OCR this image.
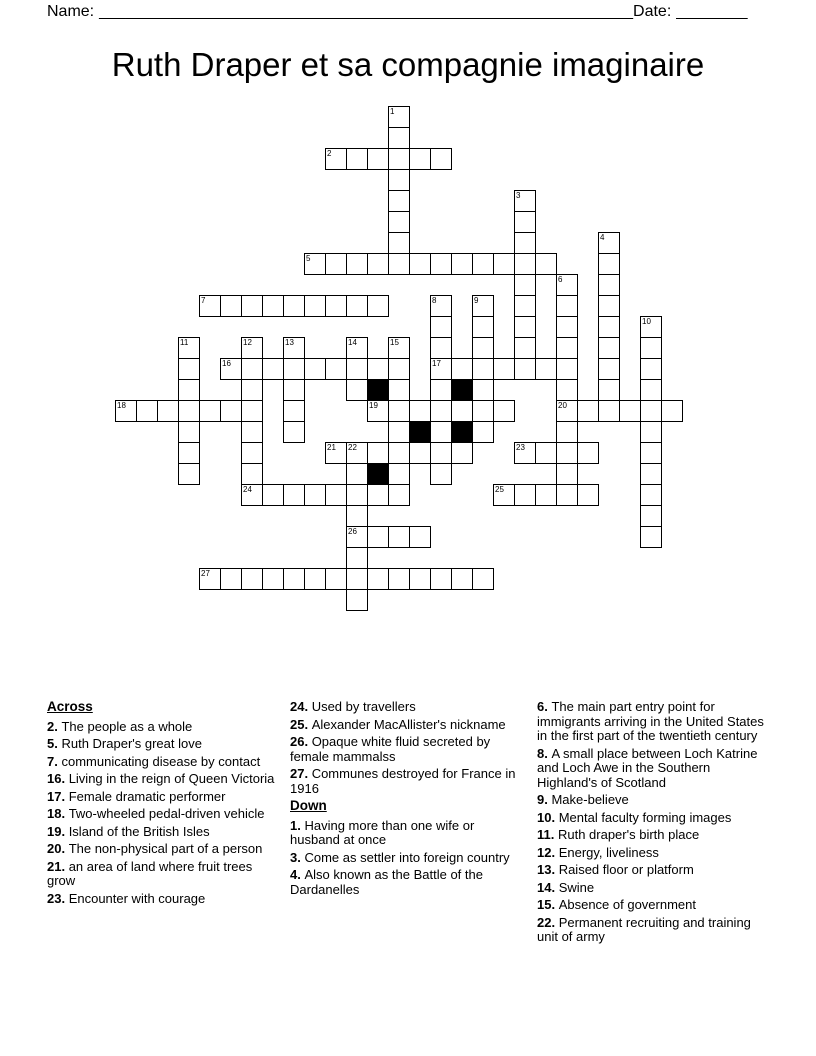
Name: ____________________________________________________________ Date: ________
Ruth Draper et sa compagnie imaginaire
1
2
3
4
5
6
20
7	8
17
9
10
11	12
24
13	14	15
16
18	19
21 22
26
23
25
27
Across
2. The people as a whole
5. Ruth Draper's great love
7. communicating disease by contact
16. Living in the reign of Queen Victoria
17. Female dramatic performer
18. Two-wheeled pedal-driven vehicle
19. Island of the British Isles
20. The non-physical part of a person
21. an area of land where fruit trees grow
23. Encounter with courage
24. Used by travellers
25. Alexander MacAllister's nickname
26. Opaque white fluid secreted by female mammalss
27. Communes destroyed for France in 1916
Down
1. Having more than one wife or husband at once
3. Come as settler into foreign country
4. Also known as the Battle of the Dardanelles
6. The main part entry point for immigrants arriving in the United States in the first part of the twentieth century
8. A small place between Loch Katrine and Loch Awe in the Southern Highland's of Scotland
9. Make-believe
10. Mental faculty forming images
11. Ruth draper's birth place
12. Energy, liveliness
13. Raised floor or platform
14. Swine
15. Absence of government
22. Permanent recruiting and training unit of army
